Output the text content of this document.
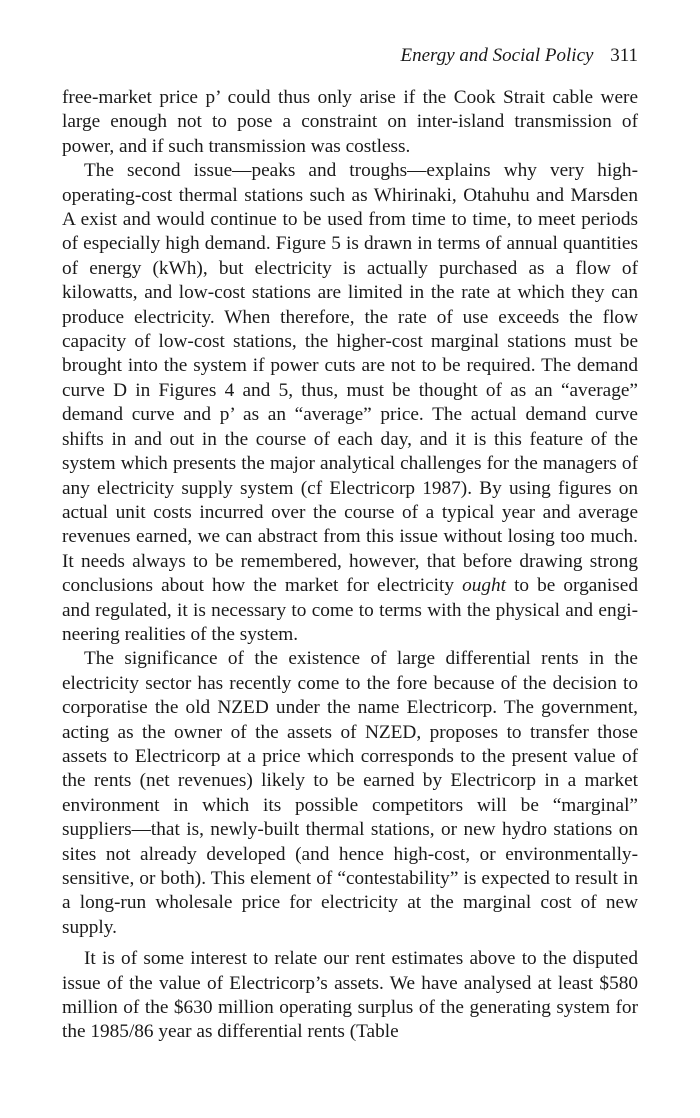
Energy and Social Policy 311

free-market price p’ could thus only arise if the Cook Strait cable were large enough not to pose a constraint on inter-island transmission of power, and if such transmission was costless.

The second issue—peaks and troughs—explains why very high-operating-cost thermal stations such as Whirinaki, Otahuhu and Marsden A exist and would continue to be used from time to time, to meet periods of especially high demand. Figure 5 is drawn in terms of annual quantities of energy (kWh), but electricity is actually purchased as a flow of kilowatts, and low-cost stations are limited in the rate at which they can produce electricity. When therefore, the rate of use exceeds the flow capacity of low-cost stations, the higher-cost marginal stations must be brought into the system if power cuts are not to be required. The demand curve D in Figures 4 and 5, thus, must be thought of as an “average” demand curve and p’ as an “average” price. The actual demand curve shifts in and out in the course of each day, and it is this feature of the system which presents the major analytical challenges for the managers of any electricity supply system (cf Electricorp 1987). By using figures on actual unit costs incurred over the course of a typical year and average revenues earned, we can abstract from this issue without losing too much. It needs always to be remembered, however, that before drawing strong conclusions about how the market for electricity ought to be organised and regulated, it is necessary to come to terms with the physical and engineering realities of the system.

The significance of the existence of large differential rents in the electricity sector has recently come to the fore because of the decision to corporatise the old NZED under the name Electricorp. The government, acting as the owner of the assets of NZED, proposes to transfer those assets to Electricorp at a price which corresponds to the present value of the rents (net revenues) likely to be earned by Electricorp in a market environment in which its possible competitors will be “marginal” suppliers—that is, newly-built thermal stations, or new hydro stations on sites not already developed (and hence high-cost, or environmentally-sensitive, or both). This element of “contestability” is expected to result in a long-run wholesale price for electricity at the marginal cost of new supply.

It is of some interest to relate our rent estimates above to the disputed issue of the value of Electricorp’s assets. We have analysed at least $580 million of the $630 million operating surplus of the generating system for the 1985/86 year as differential rents (Table
